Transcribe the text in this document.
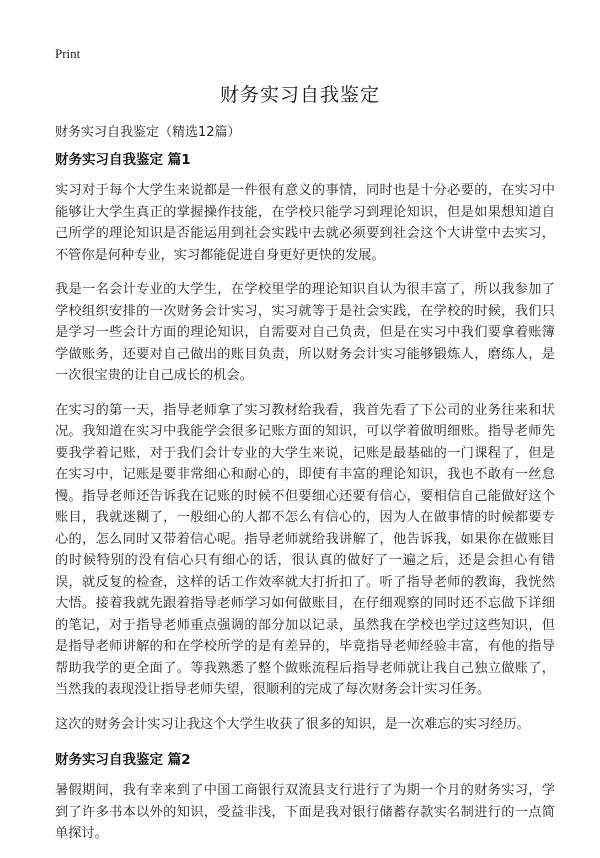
Print
财务实习自我鉴定
财务实习自我鉴定（精选12篇）
财务实习自我鉴定 篇1

实习对于每个大学生来说都是一件很有意义的事情，同时也是十分必要的，在实习中能够让大学生真正的掌握操作技能，在学校只能学习到理论知识，但是如果想知道自己所学的理论知识是否能运用到社会实践中去就必须要到社会这个大讲堂中去实习，不管你是何种专业，实习都能促进自身更好更快的发展。

我是一名会计专业的大学生，在学校里学的理论知识自认为很丰富了，所以我参加了学校组织安排的一次财务会计实习，实习就等于是社会实践，在学校的时候，我们只是学习一些会计方面的理论知识，自需要对自己负责，但是在实习中我们要拿着账簿学做账务，还要对自己做出的账目负责，所以财务会计实习能够锻炼人，磨练人，是一次很宝贵的让自己成长的机会。

在实习的第一天，指导老师拿了实习教材给我看，我首先看了下公司的业务往来和状况。我知道在实习中我能学会很多记账方面的知识，可以学着做明细账。指导老师先要我学着记账，对于我们会计专业的大学生来说，记账是最基础的一门课程了，但是在实习中，记账是要非常细心和耐心的，即使有丰富的理论知识，我也不敢有一丝怠慢。指导老师还告诉我在记账的时候不但要细心还要有信心，要相信自己能做好这个账目，我就迷糊了，一般细心的人都不怎么有信心的，因为人在做事情的时候都要专心的，怎么同时又带着信心呢。指导老师就给我讲解了，他告诉我，如果你在做账目的时候特别的没有信心只有细心的话，很认真的做好了一遍之后，还是会担心有错误，就反复的检查，这样的话工作效率就大打折扣了。听了指导老师的教诲，我恍然大悟。接着我就先跟着指导老师学习如何做账目，在仔细观察的同时还不忘做下详细的笔记，对于指导老师重点强调的部分加以记录，虽然我在学校也学过这些知识，但是指导老师讲解的和在学校所学的是有差异的，毕竟指导老师经验丰富，有他的指导帮助我学的更全面了。等我熟悉了整个做账流程后指导老师就让我自己独立做账了，当然我的表现没让指导老师失望，很顺利的完成了每次财务会计实习任务。

这次的财务会计实习让我这个大学生收获了很多的知识，是一次难忘的实习经历。

财务实习自我鉴定 篇2

暑假期间，我有幸来到了中国工商银行双流县支行进行了为期一个月的财务实习，学到了许多书本以外的知识，受益非浅，下面是我对银行储蓄存款实名制进行的一点简单探讨。
